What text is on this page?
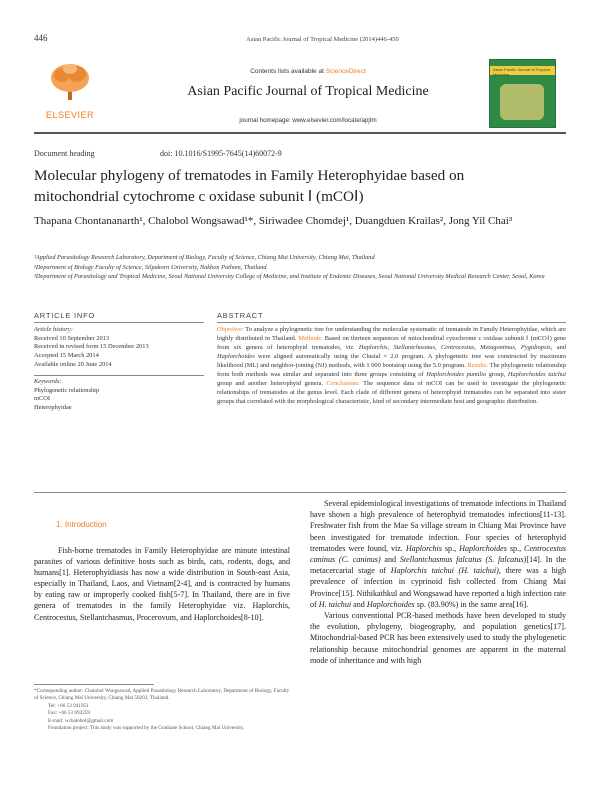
446	Asian Pacific Journal of Tropical Medicine (2014)446-450
ELSEVIER
Contents lists available at ScienceDirect
Asian Pacific Journal of Tropical Medicine
journal homepage: www.elsevier.com/locate/apjtm
Asian Pacific Journal of Tropical Medicine
Document heading	doi: 10.1016/S1995-7645(14)60072-9
Molecular phylogeny of trematodes in Family Heterophyidae based on
mitochondrial cytochrome c oxidase subunit Ⅰ (mCOⅠ)
Thapana Chontananarth¹, Chalobol Wongsawad¹*, Siriwadee Chomdej¹, Duangduen Krailas², Jong Yil Chai³
¹Applied Parasitology Research Laboratory, Department of Biology, Faculty of Science, Chiang Mai University, Chiang Mai, Thailand
²Department of Biology Faculty of Science, Silpakorn University, Nakhon Pathom, Thailand
³Department of Parasitology and Tropical Medicine, Seoul National University College of Medicine, and Institute of Endemic Diseases, Seoul National University Medical Research Center, Seoul, Korea
ARTICLE INFO	ABSTRACT
Article history:
Received 10 September 2013
Received in revised form 15 December 2013
Accepted 15 March 2014
Available online 20 June 2014
Keywords:
Phylogenetic relationship
mCOI
Heterophyidae
Objective: To analyze a phylogenetic tree for understanding the molecular systematic of trematode in Family Heterophyidae, which are highly distributed in Thailand. Methods: Based on thirteen sequences of mitochondrial cytochrome c oxidase subunit Ⅰ (mCOⅠ) gene from six genera of heterophyid trematodes, viz. Haplorchis, Stellantchasmus, Centrocestus, Metagonimus, Pygidiopsis, and Haplorchoides were aligned automatically using the Clustal × 2.0 program. A phylogenetic tree was constructed by maximum likelihood (ML) and neighbor-joining (NJ) methods, with 1 000 bootstrap using the 5.0 program. Results: The phylogenetic relationship from both methods was similar and separated into three groups consisting of Haplorchoides pumilio group, Haplorchoides taichui group and another heterophyid genera. Conclusions: The sequence data of mCOI can be used to investigate the phylogenetic relationships of trematodes at the genus level. Each clade of different genera of heterophyid trematodes can be separated into sister groups that correlated with the morphological characteristic, kind of secondary intermediate host and geographic distribution.
1. Introduction

Fish-borne trematodes in Family Heterophyidae are minute intestinal parasites of various definitive hosts such as birds, cats, rodents, dogs, and humans[1]. Heterophyidiasis has now a wide distribution in South-east Asia, especially in Thailand, Laos, and Vietnam[2-4], and is contracted by humans by eating raw or improperly cooked fish[5-7]. In Thailand, there are in five genera of trematodes in the family Heterophyidae viz. Haplorchis, Centrocestus, Stellantchasmus, Procerovum, and Haplorchoides[8-10].

Several epidemiological investigations of trematode infections in Thailand have shown a high prevalence of heterophyid trematodes infections[11-13]. Freshwater fish from the Mae Sa village stream in Chiang Mai Province have been investigated for trematode infection. Four species of heterophyid trematodes were found, viz. Haplorchis sp., Haplorchoides sp., Centrocestus caninus (C. caninus) and Stellantchasmus falcatus (S. falcatus)[14]. In the metacercarial stage of Haplorchis taichui (H. taichui), there was a high prevalence of infection in cyprinoid fish collected from Chiang Mai Province[15]. Nithikathkul and Wongsawad have reported a high infection rate of H. taichui and Haplorchoides sp. (83.90%) in the same area[16].

Various conventional PCR-based methods have been developed to study the evolution, phylogeny, biogeography, and population genetics[17]. Mitochondrial-based PCR has been extensively used to study the phylogenetic relationship because mitochondrial genomes are apparent in the maternal mode of inheritance and with high

*Corresponding author: Chalobol Wongsawad, Applied Parasitology Research Laboratory, Department of Biology, Faculty of Science, Chiang Mai University, Chiang Mai 50202, Thailand.
Tel: +66 53 941951
Fax: +66 53 892259
E-mail: wchalobol@gmail.com
Foundation project: This study was supported by the Graduate School, Chiang Mai University.
